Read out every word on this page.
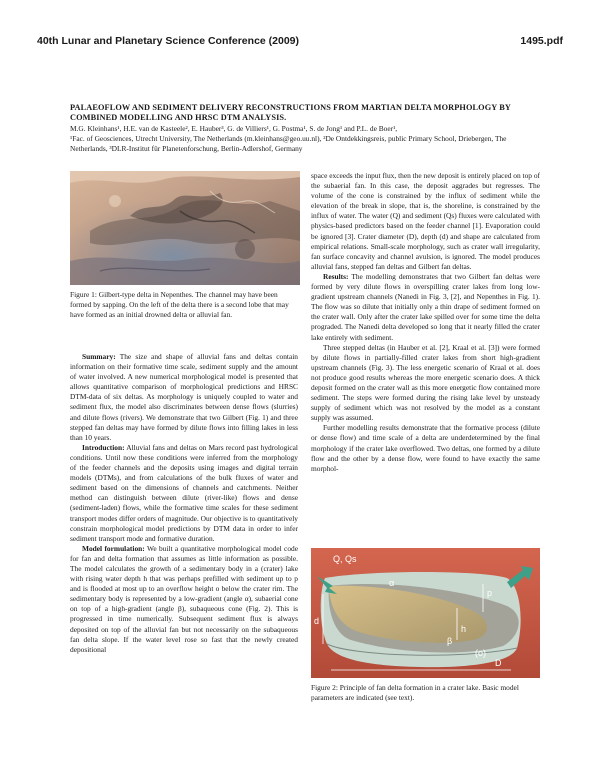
40th Lunar and Planetary Science Conference (2009)	1495.pdf
PALAEOFLOW AND SEDIMENT DELIVERY RECONSTRUCTIONS FROM MARTIAN DELTA MORPHOLOGY BY COMBINED MODELLING AND HRSC DTM ANALYSIS.
M.G. Kleinhans¹, H.E. van de Kasteele², E. Hauber³, G. de Villiers¹, G. Postma¹, S. de Jong¹ and P.L. de Boer¹,
¹Fac. of Geosciences, Utrecht University, The Netherlands (m.kleinhans@geo.uu.nl), ²De Ontdekkingsreis, public Primary School, Driebergen, The Netherlands, ³DLR-Institut für Planetenforschung, Berlin-Adlershof, Germany
Figure 1: Gilbert-type delta in Nepenthes. The channel may have been formed by sapping. On the left of the delta there is a second lobe that may have formed as an initial drowned delta or alluvial fan.

Summary: The size and shape of alluvial fans and deltas contain information on their formative time scale, sediment supply and the amount of water involved. A new numerical morphological model is presented that allows quantitative comparison of morphological predictions and HRSC DTM-data of six deltas. As morphology is uniquely coupled to water and sediment flux, the model also discriminates between dense flows (slurries) and dilute flows (rivers). We demonstrate that two Gilbert (Fig. 1) and three stepped fan deltas may have formed by dilute flows into filling lakes in less than 10 years.

Introduction: Alluvial fans and deltas on Mars record past hydrological conditions. Until now these conditions were inferred from the morphology of the feeder channels and the deposits using images and digital terrain models (DTMs), and from calculations of the bulk fluxes of water and sediment based on the dimensions of channels and catchments. Neither method can distinguish between dilute (river-like) flows and dense (sediment-laden) flows, while the formative time scales for these sediment transport modes differ orders of magnitude. Our objective is to quantitatively constrain morphological model predictions by DTM data in order to infer sediment transport mode and formative duration.

Model formulation: We built a quantitative morphological model code for fan and delta formation that assumes as little information as possible. The model calculates the growth of a sedimentary body in a (crater) lake with rising water depth h that was perhaps prefilled with sediment up to p and is flooded at most up to an overflow height o below the crater rim. The sedimentary body is represented by a low-gradient (angle α), subaerial cone on top of a high-gradient (angle β), subaqueous cone (Fig. 2). This is progressed in time numerically. Subsequent sediment flux is always deposited on top of the alluvial fan but not necessarily on the subaqueous fan delta slope. If the water level rose so fast that the newly created depositional

space exceeds the input flux, then the new deposit is entirely placed on top of the subaerial fan. In this case, the deposit aggrades but regresses. The volume of the cone is constrained by the influx of sediment while the elevation of the break in slope, that is, the shoreline, is constrained by the influx of water. The water (Q) and sediment (Qs) fluxes were calculated with physics-based predictors based on the feeder channel [1]. Evaporation could be ignored [3]. Crater diameter (D), depth (d) and shape are calculated from empirical relations. Small-scale morphology, such as crater wall irregularity, fan surface concavity and channel avulsion, is ignored. The model produces alluvial fans, stepped fan deltas and Gilbert fan deltas.

Results: The modelling demonstrates that two Gilbert fan deltas were formed by very dilute flows in overspilling crater lakes from long low-gradient upstream channels (Nanedi in Fig. 3, [2], and Nepenthes in Fig. 1). The flow was so dilute that initially only a thin drape of sediment formed on the crater wall. Only after the crater lake spilled over for some time the delta prograded. The Nanedi delta developed so long that it nearly filled the crater lake entirely with sediment.

Three stepped deltas (in Hauber et al. [2], Kraal et al. [3]) were formed by dilute flows in partially-filled crater lakes from short high-gradient upstream channels (Fig. 3). The less energetic scenario of Kraal et al. does not produce good results whereas the more energetic scenario does. A thick deposit formed on the crater wall as this more energetic flow contained more sediment. The steps were formed during the rising lake level by unsteady supply of sediment which was not resolved by the model as a constant supply was assumed.

Further modelling results demonstrate that the formative process (dilute or dense flow) and time scale of a delta are underdetermined by the final morphology if the crater lake overflowed. Two deltas, one formed by a dilute flow and the other by a dense flow, were found to have exactly the same morphol-

Q, Qs
α
p
d
h
β
(o)
D
Figure 2: Principle of fan delta formation in a crater lake. Basic model parameters are indicated (see text).
